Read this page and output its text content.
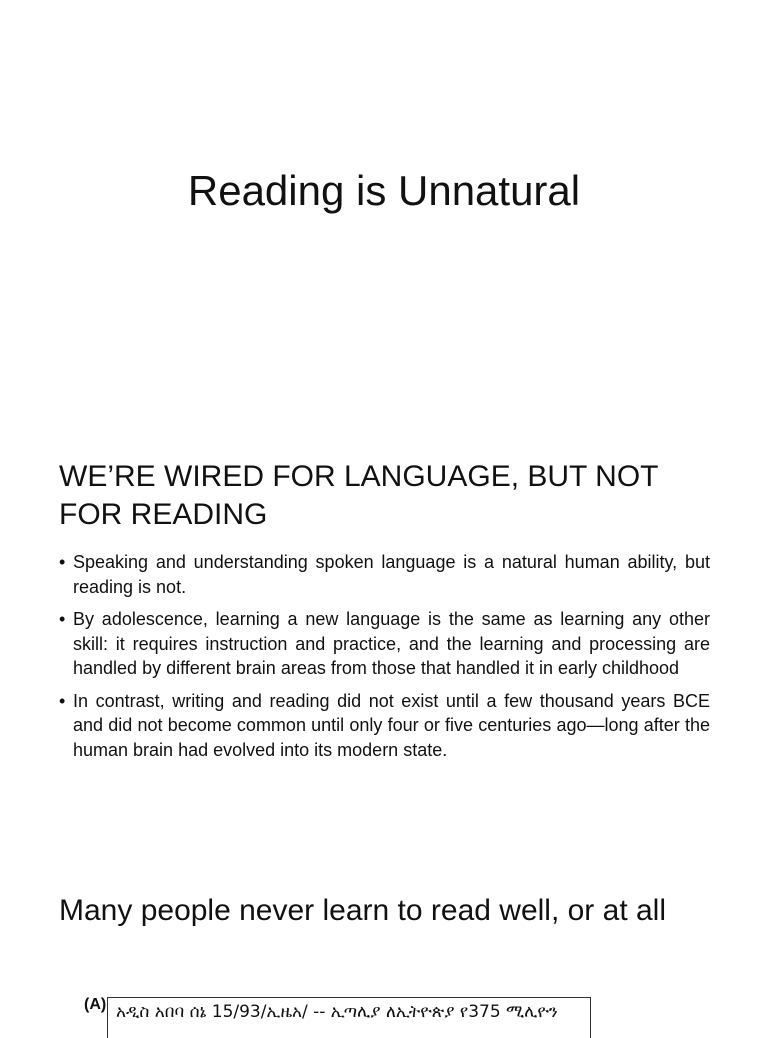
Reading is Unnatural
WE’RE WIRED FOR LANGUAGE, BUT NOT FOR READING
• Speaking and understanding spoken language is a natural human ability, but reading is not.
• By adolescence, learning a new language is the same as learning any other skill: it requires instruction and practice, and the learning and processing are handled by different brain areas from those that handled it in early childhood
• In contrast, writing and reading did not exist until a few thousand years BCE and did not become common until only four or five centuries ago—long after the human brain had evolved into its modern state.
Many people never learn to read well, or at all
(A) አዲስ አበባ ሰኔ 15/93/ኢዜአ/ -- ኢጣሊያ ለኢትዮጵያ የ375 ሚሊዮን
